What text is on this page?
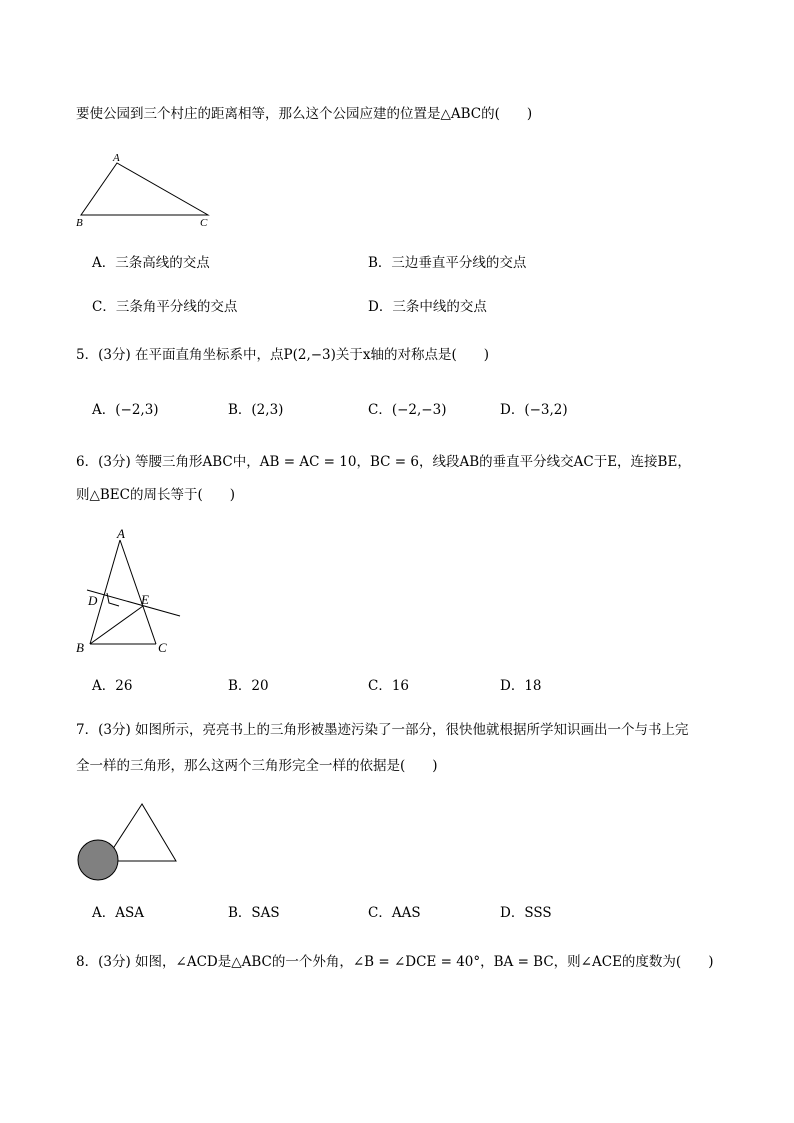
要使公园到三个村庄的距离相等，那么这个公园应建的位置是△ABC的(　　)
A
B	C
A．三条高线的交点	B．三边垂直平分线的交点
C．三条角平分线的交点	D．三条中线的交点
5．(3分) 在平面直角坐标系中，点P(2,−3)关于x轴的对称点是(　　)
A．(−2,3)	B．(2,3)	C．(−2,−3)	D．(−3,2)
6．(3分) 等腰三角形ABC中，AB = AC = 10，BC = 6，线段AB的垂直平分线交AC于E，连接BE，
则△BEC的周长等于(　　)
A
D	E
B	C
A．26	B．20	C．16	D．18
7．(3分) 如图所示，亮亮书上的三角形被墨迹污染了一部分，很快他就根据所学知识画出一个与书上完
全一样的三角形，那么这两个三角形完全一样的依据是(　　)
A．ASA	B．SAS	C．AAS	D．SSS
8．(3分) 如图，∠ACD是△ABC的一个外角，∠B = ∠DCE = 40°，BA = BC，则∠ACE的度数为(　　)
